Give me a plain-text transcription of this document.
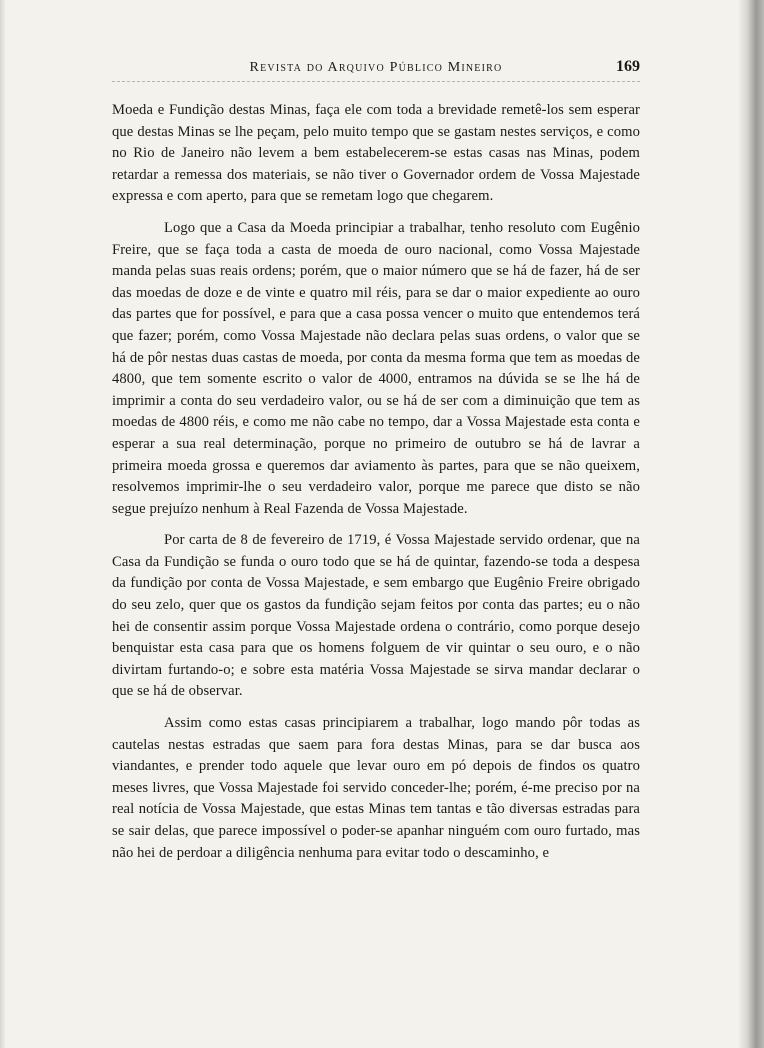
Revista do Arquivo Público Mineiro	169

Moeda e Fundição destas Minas, faça ele com toda a brevidade remetê-los sem esperar que destas Minas se lhe peçam, pelo muito tempo que se gastam nestes serviços, e como no Rio de Janeiro não levem a bem estabelecerem-se estas casas nas Minas, podem retardar a remessa dos materiais, se não tiver o Governador ordem de Vossa Majestade expressa e com aperto, para que se remetam logo que chegarem.

Logo que a Casa da Moeda principiar a trabalhar, tenho resoluto com Eugênio Freire, que se faça toda a casta de moeda de ouro nacional, como Vossa Majestade manda pelas suas reais ordens; porém, que o maior número que se há de fazer, há de ser das moedas de doze e de vinte e quatro mil réis, para se dar o maior expediente ao ouro das partes que for possível, e para que a casa possa vencer o muito que entendemos terá que fazer; porém, como Vossa Majestade não declara pelas suas ordens, o valor que se há de pôr nestas duas castas de moeda, por conta da mesma forma que tem as moedas de 4800, que tem somente escrito o valor de 4000, entramos na dúvida se se lhe há de imprimir a conta do seu verdadeiro valor, ou se há de ser com a diminuição que tem as moedas de 4800 réis, e como me não cabe no tempo, dar a Vossa Majestade esta conta e esperar a sua real determinação, porque no primeiro de outubro se há de lavrar a primeira moeda grossa e queremos dar aviamento às partes, para que se não queixem, resolvemos imprimir-lhe o seu verdadeiro valor, porque me parece que disto se não segue prejuízo nenhum à Real Fazenda de Vossa Majestade.

Por carta de 8 de fevereiro de 1719, é Vossa Majestade servido ordenar, que na Casa da Fundição se funda o ouro todo que se há de quintar, fazendo-se toda a despesa da fundição por conta de Vossa Majestade, e sem embargo que Eugênio Freire obrigado do seu zelo, quer que os gastos da fundição sejam feitos por conta das partes; eu o não hei de consentir assim porque Vossa Majestade ordena o contrário, como porque desejo benquistar esta casa para que os homens folguem de vir quintar o seu ouro, e o não divirtam furtando-o; e sobre esta matéria Vossa Majestade se sirva mandar declarar o que se há de observar.

Assim como estas casas principiarem a trabalhar, logo mando pôr todas as cautelas nestas estradas que saem para fora destas Minas, para se dar busca aos viandantes, e prender todo aquele que levar ouro em pó depois de findos os quatro meses livres, que Vossa Majestade foi servido conceder-lhe; porém, é-me preciso por na real notícia de Vossa Majestade, que estas Minas tem tantas e tão diversas estradas para se sair delas, que parece impossível o poder-se apanhar ninguém com ouro furtado, mas não hei de perdoar a diligência nenhuma para evitar todo o descaminho, e
